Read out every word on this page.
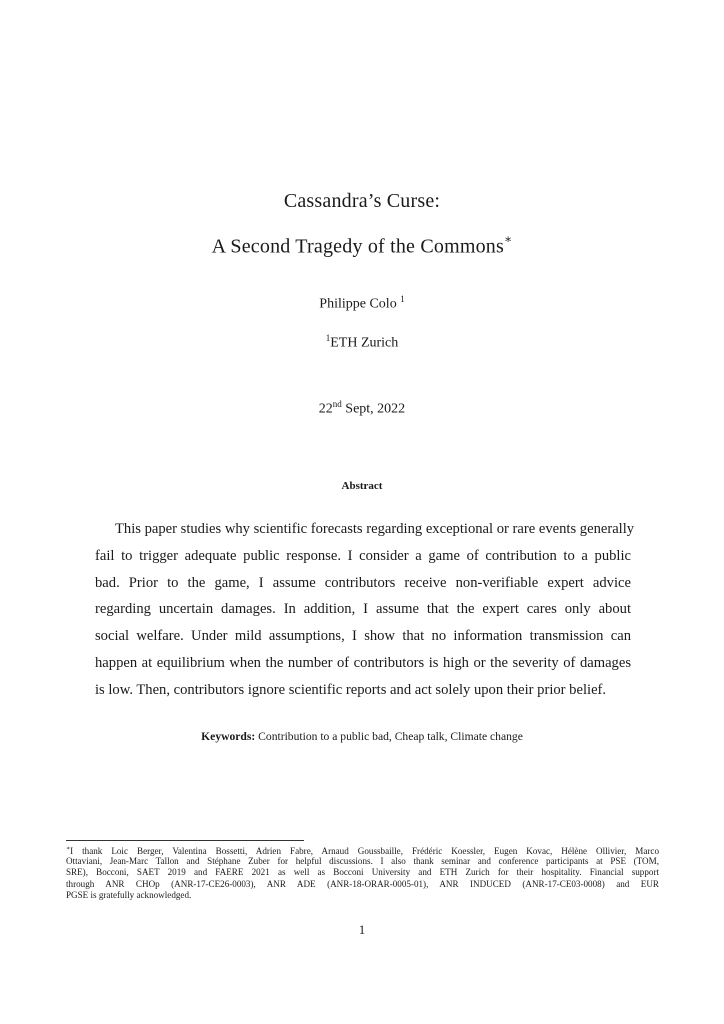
Cassandra’s Curse:
A Second Tragedy of the Commons∗
Philippe Colo $^1$
$^1$ETH Zurich
22nd Sept, 2022
Abstract
This paper studies why scientific forecasts regarding exceptional or rare events generally
fail to trigger adequate public response. I consider a game of contribution to a public
bad. Prior to the game, I assume contributors receive non-verifiable expert advice
regarding uncertain damages. In addition, I assume that the expert cares only about
social welfare. Under mild assumptions, I show that no information transmission can
happen at equilibrium when the number of contributors is high or the severity of damages
is low. Then, contributors ignore scientific reports and act solely upon their prior belief.
Keywords: Contribution to a public bad, Cheap talk, Climate change
∗I thank Loic Berger, Valentina Bossetti, Adrien Fabre, Arnaud Goussbaille, Frédéric Koessler, Eugen Kovac, Hélène Ollivier, Marco
Ottaviani, Jean-Marc Tallon and Stéphane Zuber for helpful discussions. I also thank seminar and conference participants at PSE (TOM,
SRE), Bocconi, SAET 2019 and FAERE 2021 as well as Bocconi University and ETH Zurich for their hospitality. Financial support
through ANR CHOp (ANR-17-CE26-0003), ANR ADE (ANR-18-ORAR-0005-01), ANR INDUCED (ANR-17-CE03-0008) and EUR
PGSE is gratefully acknowledged.
1
